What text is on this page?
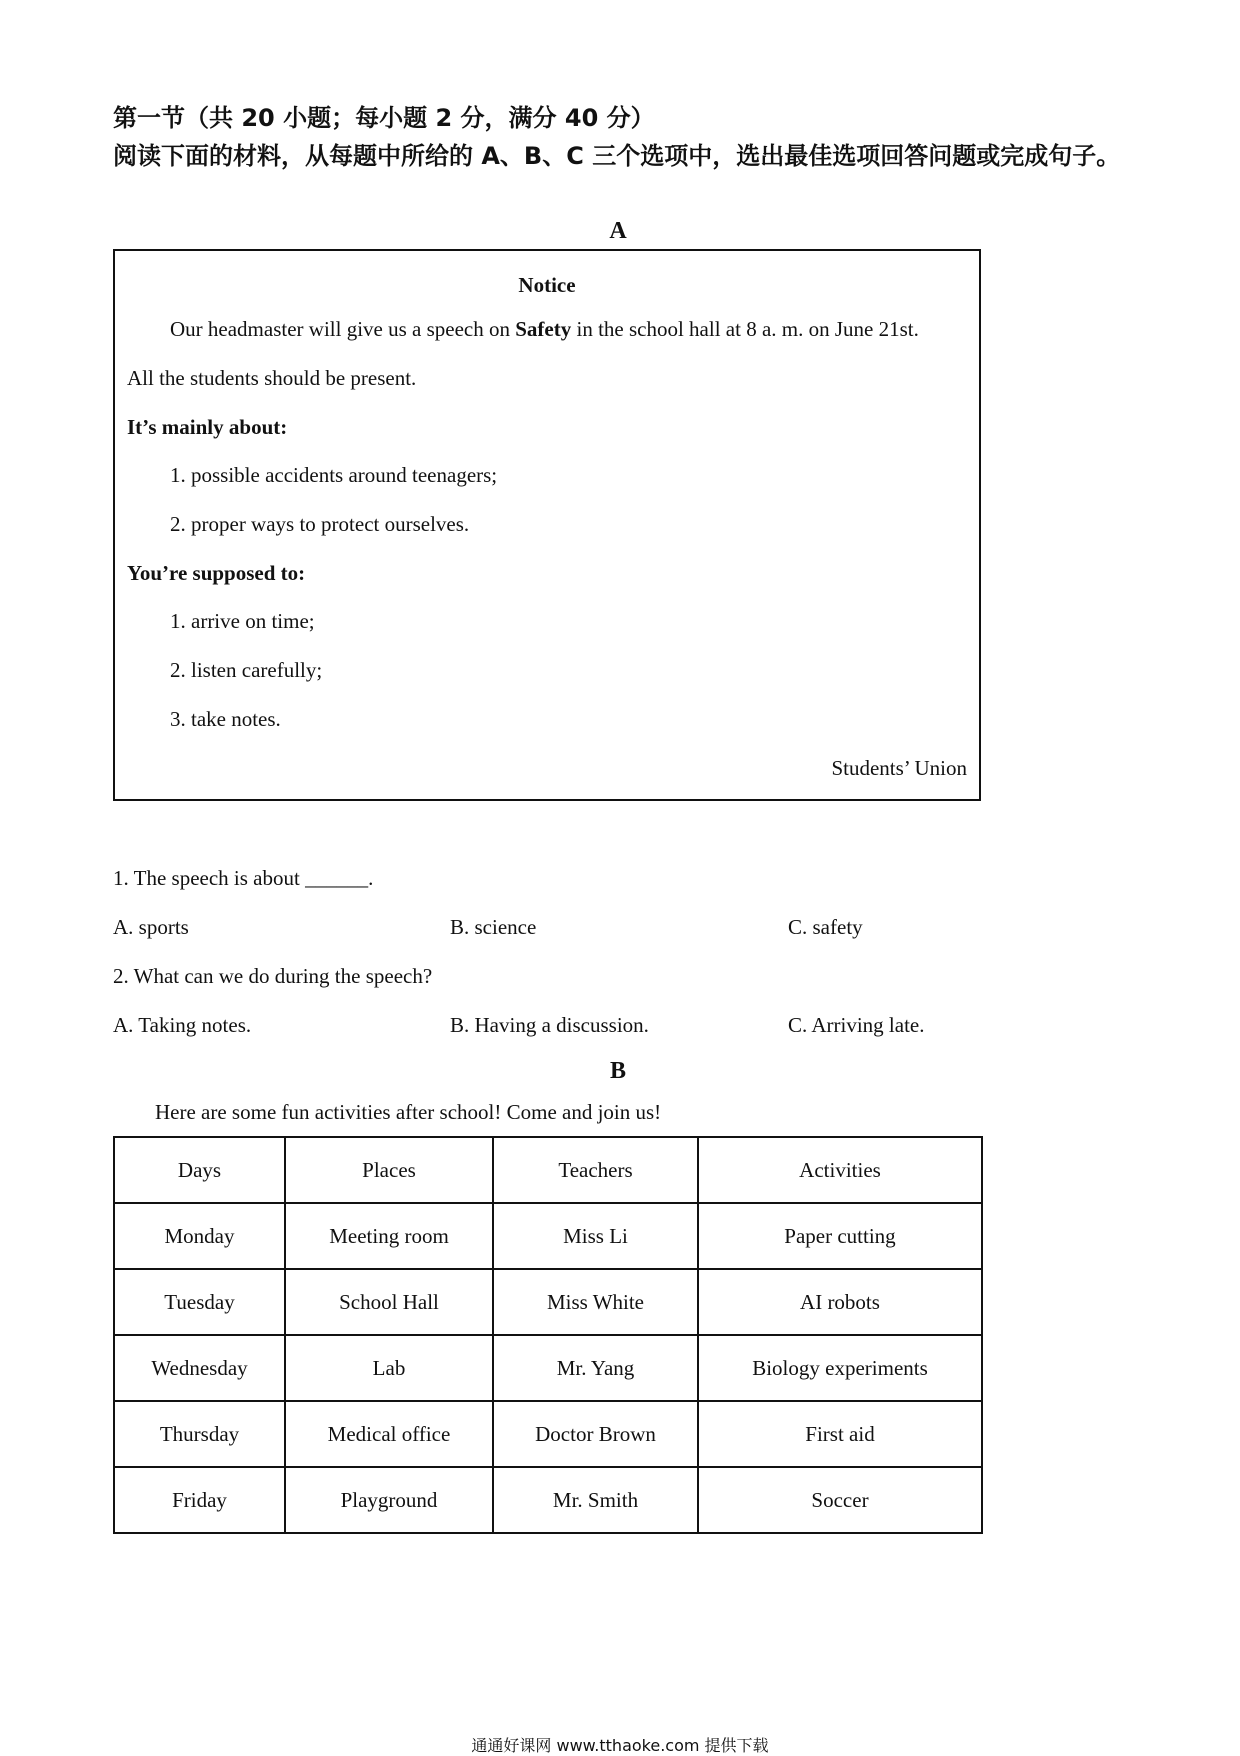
第一节（共 20 小题；每小题 2 分，满分 40 分）
阅读下面的材料，从每题中所给的 A、B、C 三个选项中，选出最佳选项回答问题或完成句子。
A
Notice
Our headmaster will give us a speech on Safety in the school hall at 8 a. m. on June 21st.
All the students should be present.
It’s mainly about:
1. possible accidents around teenagers;
2. proper ways to protect ourselves.
You’re supposed to:
1. arrive on time;
2. listen carefully;
3. take notes.
Students’ Union
1. The speech is about ______.
A. sports	B. science	C. safety
2. What can we do during the speech?
A. Taking notes.	B. Having a discussion.	C. Arriving late.
B
Here are some fun activities after school! Come and join us!
Days	Places	Teachers	Activities
Monday	Meeting room	Miss Li	Paper cutting
Tuesday	School Hall	Miss White	AI robots
Wednesday	Lab	Mr. Yang	Biology experiments
Thursday	Medical office	Doctor Brown	First aid
Friday	Playground	Mr. Smith	Soccer
通通好课网 www.tthaoke.com 提供下载
